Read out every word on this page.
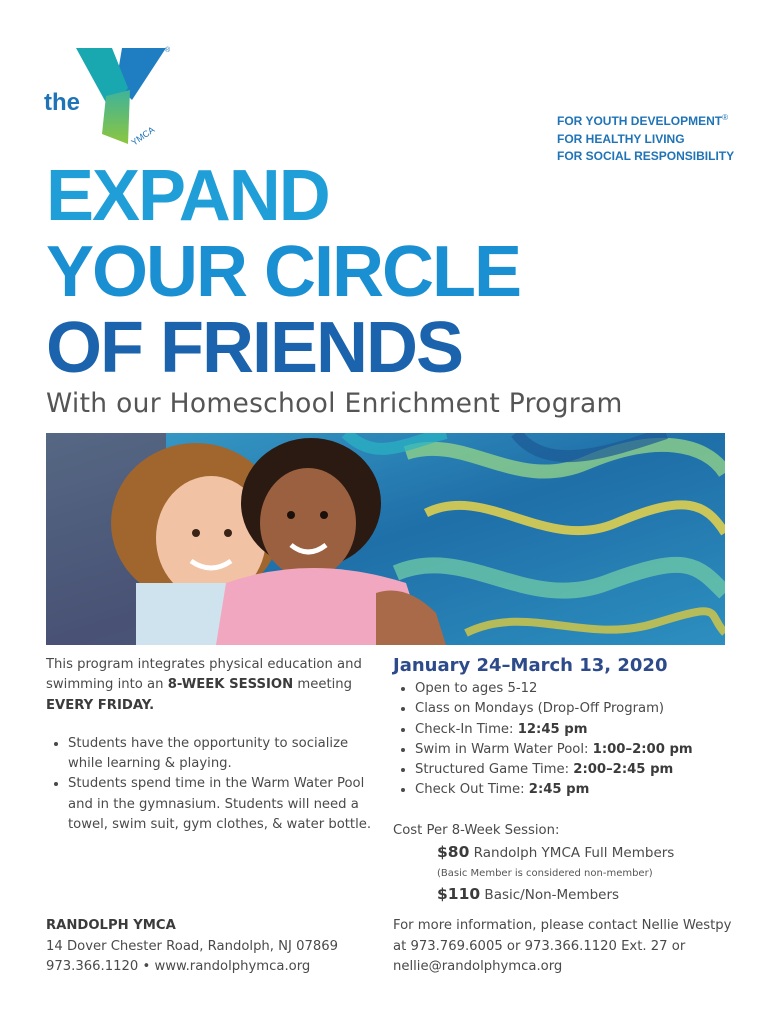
the
YMCA
®
FOR YOUTH DEVELOPMENT®
FOR HEALTHY LIVING
FOR SOCIAL RESPONSIBILITY
EXPAND
YOUR CIRCLE
OF FRIENDS
With our Homeschool Enrichment Program

This program integrates physical education and swimming into an 8-WEEK SESSION meeting EVERY FRIDAY.

• Students have the opportunity to socialize while learning & playing.
• Students spend time in the Warm Water Pool and in the gymnasium. Students will need a towel, swim suit, gym clothes, & water bottle.
January 24–March 13, 2020
• Open to ages 5-12
• Class on Mondays (Drop-Off Program)
• Check-In Time: 12:45 pm
• Swim in Warm Water Pool: 1:00–2:00 pm
• Structured Game Time: 2:00–2:45 pm
• Check Out Time: 2:45 pm
Cost Per 8-Week Session:
$80 Randolph YMCA Full Members
(Basic Member is considered non-member)
$110 Basic/Non-Members
RANDOLPH YMCA
14 Dover Chester Road, Randolph, NJ 07869
973.366.1120 • www.randolphymca.org
For more information, please contact Nellie Westpy
at 973.769.6005 or 973.366.1120 Ext. 27 or
nellie@randolphymca.org
